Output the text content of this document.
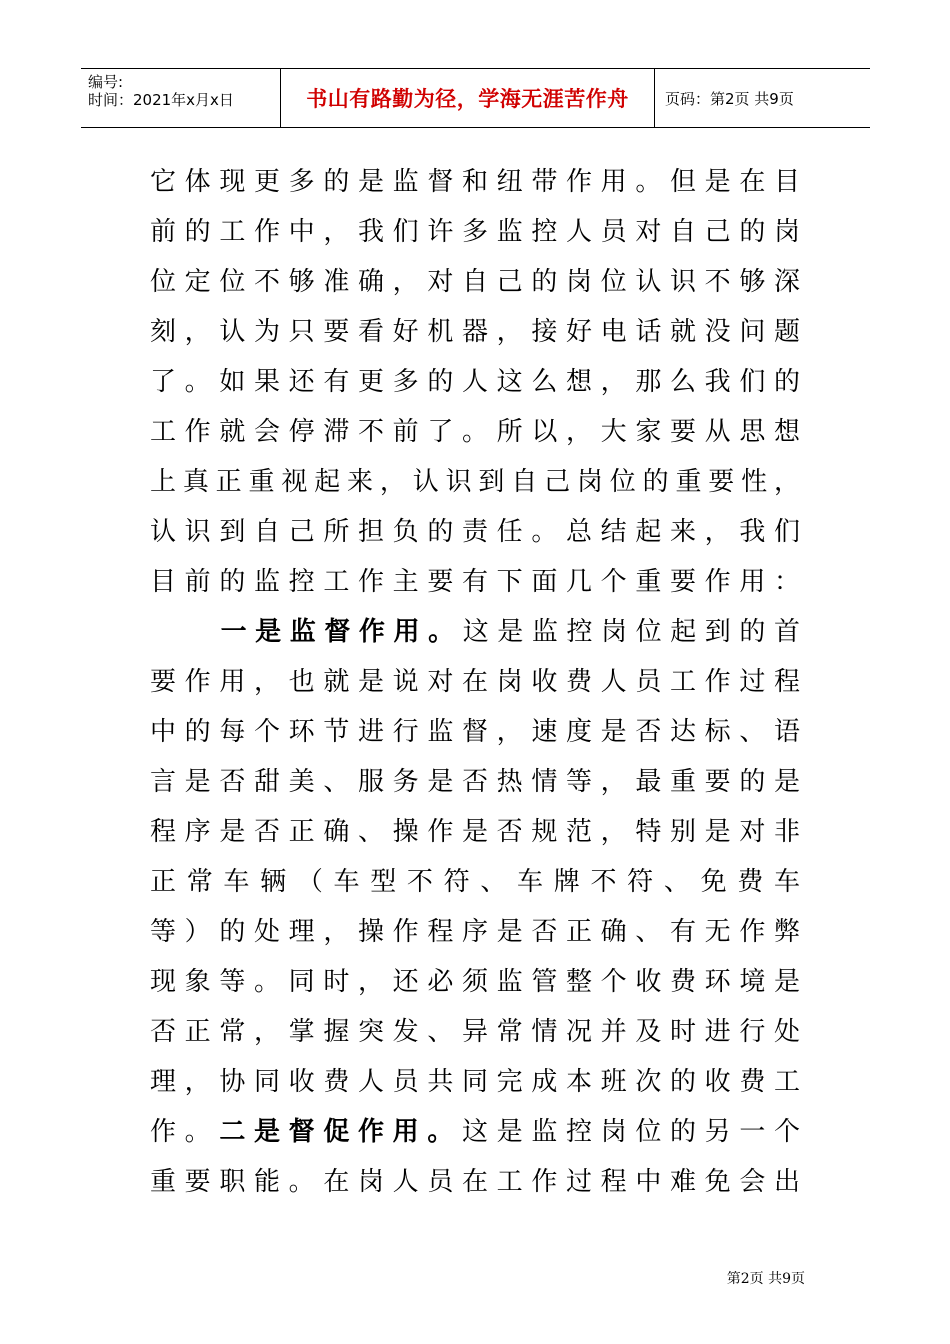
编号:
时间：2021年x月x日	书山有路勤为径，学海无涯苦作舟	页码：第2页 共9页
它体现更多的是监督和纽带作用。但是在目
前的工作中，我们许多监控人员对自己的岗
位定位不够准确，对自己的岗位认识不够深
刻，认为只要看好机器，接好电话就没问题
了。如果还有更多的人这么想，那么我们的
工作就会停滞不前了。所以，大家要从思想
上真正重视起来，认识到自己岗位的重要性，
认识到自己所担负的责任。总结起来，我们
目前的监控工作主要有下面几个重要作用：
一是监督作用。这是监控岗位起到的首
要作用，也就是说对在岗收费人员工作过程
中的每个环节进行监督，速度是否达标、语
言是否甜美、服务是否热情等，最重要的是
程序是否正确、操作是否规范，特别是对非
正常车辆（车型不符、车牌不符、免费车
等）的处理，操作程序是否正确、有无作弊
现象等。同时，还必须监管整个收费环境是
否正常，掌握突发、异常情况并及时进行处
理，协同收费人员共同完成本班次的收费工
作。二是督促作用。这是监控岗位的另一个
重要职能。在岗人员在工作过程中难免会出
第2页 共9页
